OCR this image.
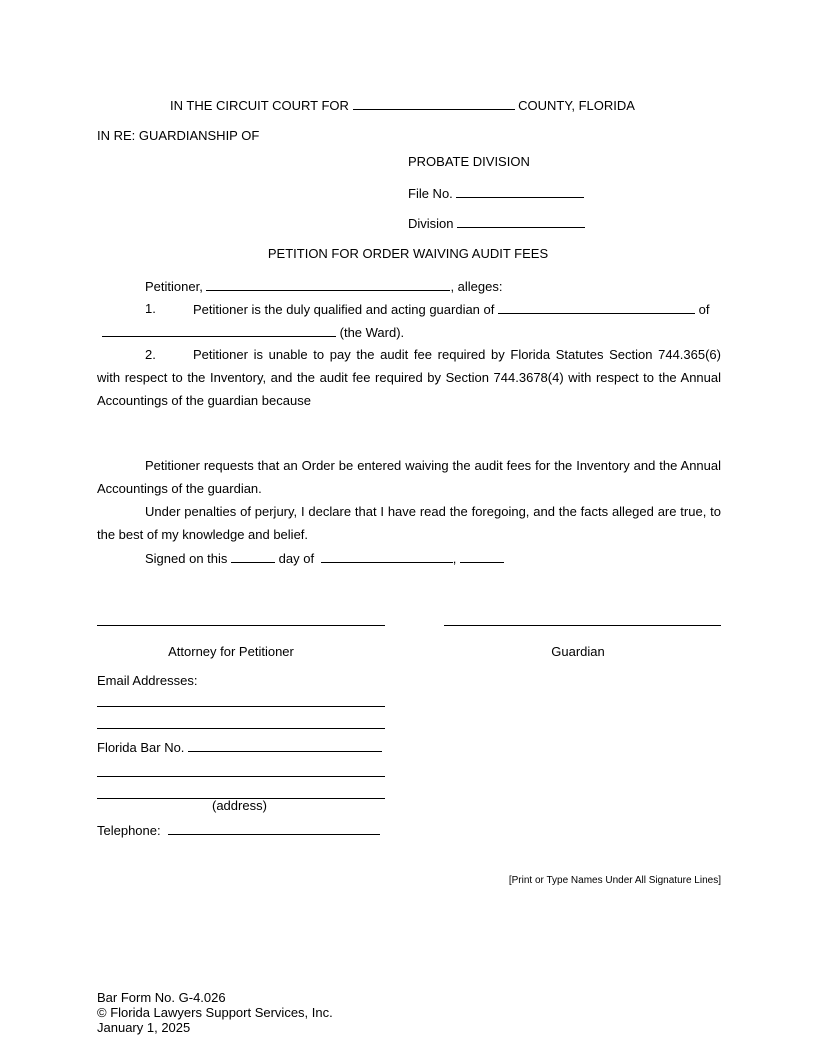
IN THE CIRCUIT COURT FOR	COUNTY, FLORIDA
IN RE: GUARDIANSHIP OF
PROBATE DIVISION
File No.
Division
PETITION FOR ORDER WAIVING AUDIT FEES
Petitioner,	, alleges:
1.	Petitioner is the duly qualified and acting guardian of	of
(the Ward).
2.	Petitioner is unable to pay the audit fee required by Florida Statutes Section 744.365(6) with respect to the Inventory, and the audit fee required by Section 744.3678(4) with respect to the Annual Accountings of the guardian because
Petitioner requests that an Order be entered waiving the audit fees for the Inventory and the Annual Accountings of the guardian.
Under penalties of perjury, I declare that I have read the foregoing, and the facts alleged are true, to the best of my knowledge and belief.
Signed on this	day of	,
Attorney for Petitioner	Guardian
Email Addresses:
Florida Bar No.
(address)
Telephone:
[Print or Type Names Under All Signature Lines]
Bar Form No. G-4.026
© Florida Lawyers Support Services, Inc.
January 1, 2025
